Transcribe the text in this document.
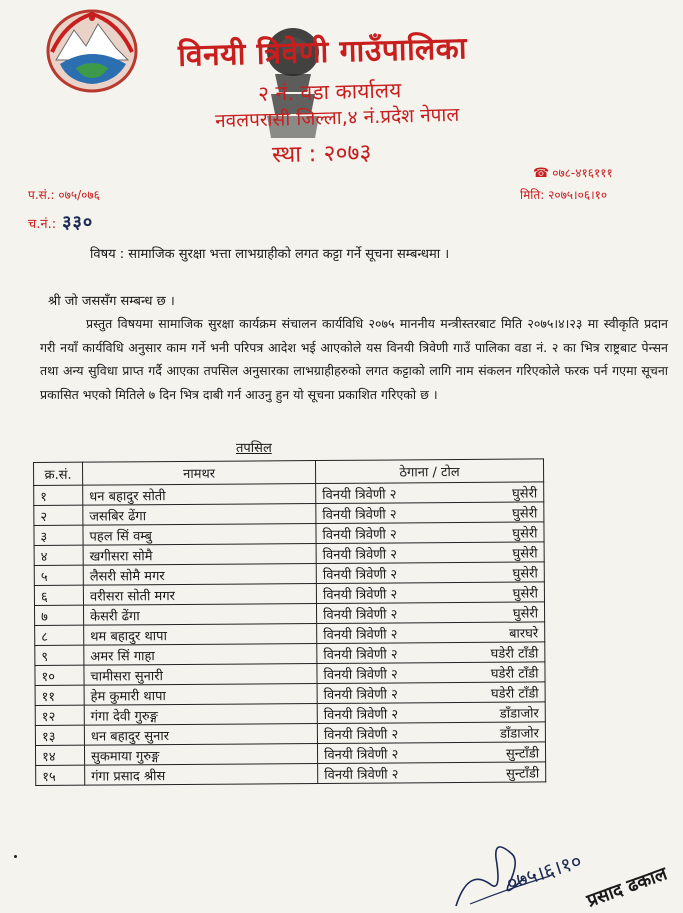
विनयी त्रिवेणी गाउँपालिका
२ नं. वडा कार्यालय
नवलपरासी जिल्ला,४ नं.प्रदेश नेपाल
स्था : २०७३
☎ ०७८-४१६१११
प.सं.: ०७५/०७६	मिति: २०७५।०६।१०
च.नं.: ३३०
विषय : सामाजिक सुरक्षा भत्ता लाभग्राहीको लगत कट्टा गर्ने सूचना सम्बन्धमा ।
श्री जो जससँग सम्बन्ध छ ।

प्रस्तुत विषयमा सामाजिक सुरक्षा कार्यक्रम संचालन कार्यविधि २०७५ माननीय मन्त्रीस्तरबाट मिति २०७५।४।२३ मा स्वीकृति प्रदान गरी नयाँ कार्यविधि अनुसार काम गर्ने भनी परिपत्र आदेश भई आएकोले यस विनयी त्रिवेणी गाउँ पालिका वडा नं. २ का भित्र राष्ट्रबाट पेन्सन तथा अन्य सुविधा प्राप्त गर्दै आएका तपसिल अनुसारका लाभग्राहीहरुको लगत कट्टाको लागि नाम संकलन गरिएकोले फरक पर्न गएमा सूचना प्रकासित भएको मितिले ७ दिन भित्र दाबी गर्न आउनु हुन यो सूचना प्रकाशित गरिएको छ ।

तपसिल
क्र.सं.	नामथर	ठेगाना / टोल
१	धन बहादुर सोती	विनयी त्रिवेणी २ घुसेरी

२	जसबिर ढेंगा	विनयी त्रिवेणी २ घुसेरी

३	पहल सिं वम्बु	विनयी त्रिवेणी २ घुसेरी

४	खगीसरा सोमै	विनयी त्रिवेणी २ घुसेरी

५	लैसरी सोमै मगर	विनयी त्रिवेणी २ घुसेरी

६	वरीसरा सोती मगर	विनयी त्रिवेणी २ घुसेरी

७	केसरी ढेंगा	विनयी त्रिवेणी २ घुसेरी

८	थम बहादुर थापा	विनयी त्रिवेणी २ बारघरे

९	अमर सिं गाहा	विनयी त्रिवेणी २ घडेरी टाँडी

१०	चामीसरा सुनारी	विनयी त्रिवेणी २ घडेरी टाँडी

११	हेम कुमारी थापा	विनयी त्रिवेणी २ घडेरी टाँडी

१२	गंगा देवी गुरुङ्ग	विनयी त्रिवेणी २ डाँडाजोर

१३	धन बहादुर सुनार	विनयी त्रिवेणी २ डाँडाजोर

१४	सुकमाया गुरुङ्ग	विनयी त्रिवेणी २ सुन्टाँडी

१५	गंगा प्रसाद श्रीस	विनयी त्रिवेणी २ सुन्टाँडी
०७५।६।१० प्रसाद ढकाल
